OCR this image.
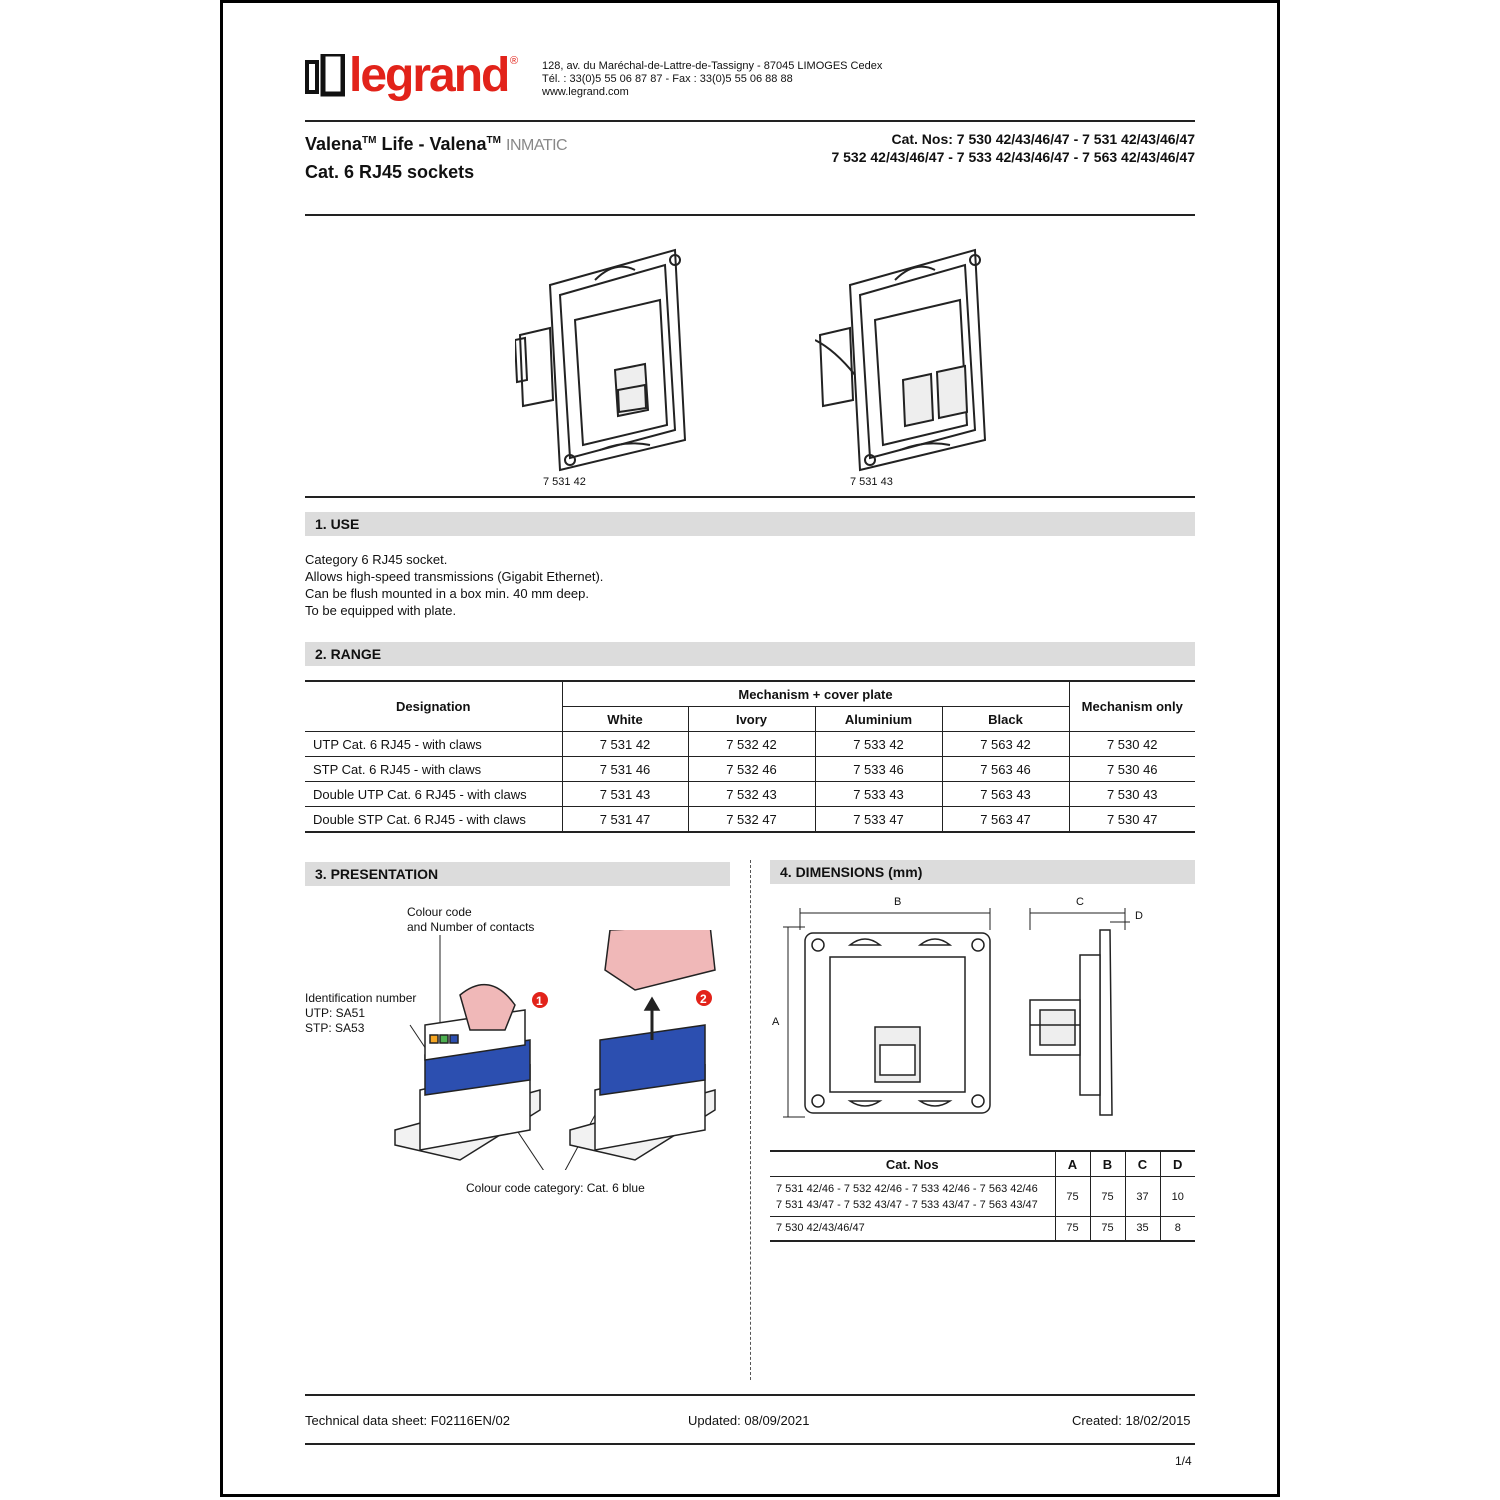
legrand ® 128, av. du Maréchal-de-Lattre-de-Tassigny - 87045 LIMOGES Cedex
Tél. : 33(0)5 55 06 87 87 - Fax : 33(0)5 55 06 88 88
www.legrand.com
Valena™ Life - Valena™ INMATIC
Cat. 6 RJ45 sockets
Cat. Nos: 7 530 42/43/46/47 - 7 531 42/43/46/47
7 532 42/43/46/47 - 7 533 42/43/46/47 - 7 563 42/43/46/47
7 531 42	7 531 43
1. USE
Category 6 RJ45 socket.
Allows high-speed transmissions (Gigabit Ethernet).
Can be flush mounted in a box min. 40 mm deep.
To be equipped with plate.
2. RANGE
Designation	Mechanism + cover plate				Mechanism only
	White	Ivory	Aluminium	Black	
UTP Cat. 6 RJ45 - with claws	7 531 42	7 532 42	7 533 42	7 563 42	7 530 42
STP Cat. 6 RJ45 - with claws	7 531 46	7 532 46	7 533 46	7 563 46	7 530 46
Double UTP Cat. 6 RJ45 - with claws	7 531 43	7 532 43	7 533 43	7 563 43	7 530 43
Double STP Cat. 6 RJ45 - with claws	7 531 47	7 532 47	7 533 47	7 563 47	7 530 47
3. PRESENTATION
Colour code
and Number of contacts
Identification number
UTP: SA51
STP: SA53
1	2
Colour code category: Cat. 6 blue
4. DIMENSIONS (mm)
B
A
C
D
Cat. Nos	A	B	C	D

7 531 42/46 - 7 532 42/46 - 7 533 42/46 - 7 563 42/46
7 531 43/47 - 7 532 43/47 - 7 533 43/47 - 7 563 43/47	75	75	37	10
7 530 42/43/46/47	75	75	35	8
Technical data sheet: F02116EN/02	Updated: 08/09/2021	Created: 18/02/2015
1/4
